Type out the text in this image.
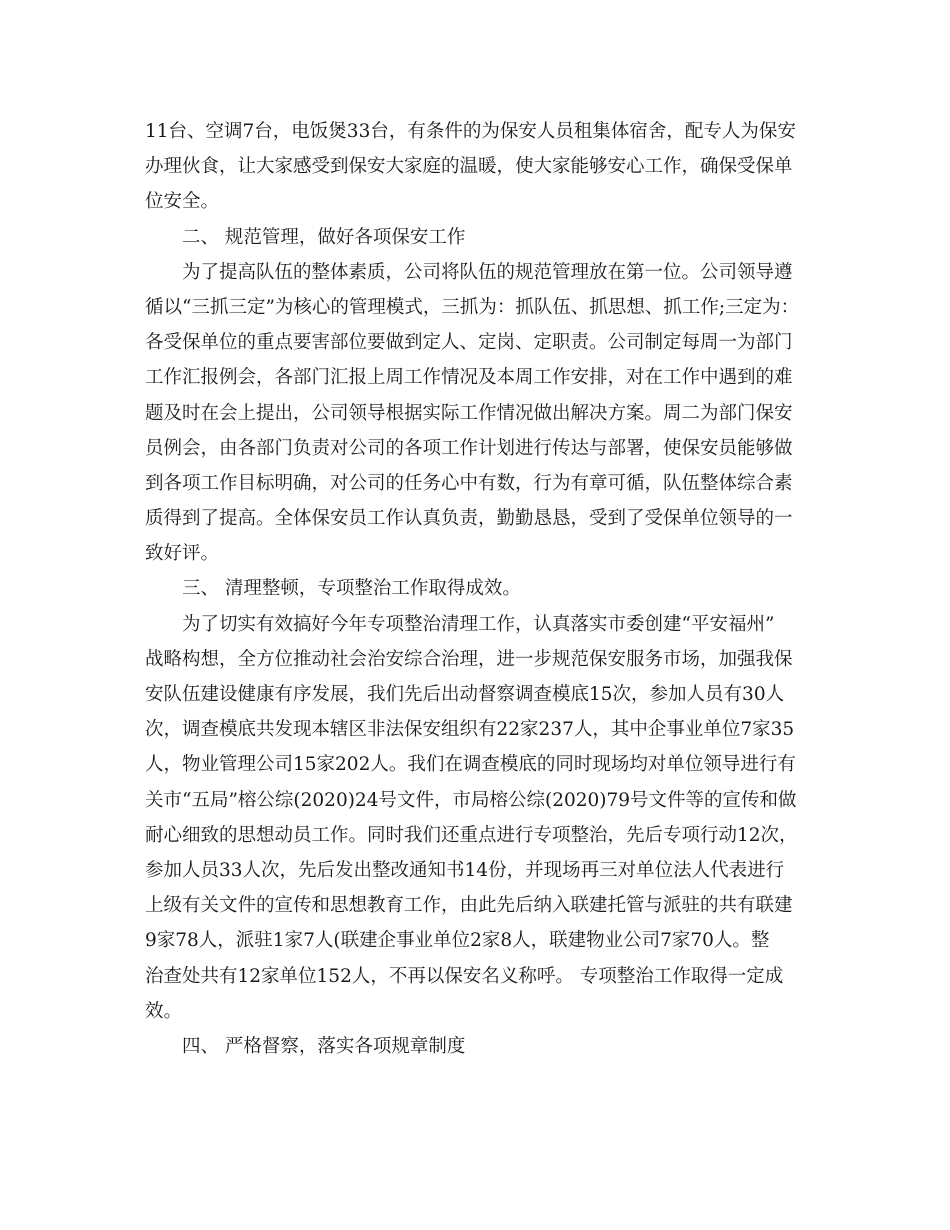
11台、空调7台，电饭煲33台，有条件的为保安人员租集体宿舍，配专人为保安
办理伙食，让大家感受到保安大家庭的温暖，使大家能够安心工作，确保受保单
位安全。
二、 规范管理，做好各项保安工作
为了提高队伍的整体素质，公司将队伍的规范管理放在第一位。公司领导遵
循以“三抓三定”为核心的管理模式，三抓为：抓队伍、抓思想、抓工作;三定为：
各受保单位的重点要害部位要做到定人、定岗、定职责。公司制定每周一为部门
工作汇报例会，各部门汇报上周工作情况及本周工作安排，对在工作中遇到的难
题及时在会上提出，公司领导根据实际工作情况做出解决方案。周二为部门保安
员例会，由各部门负责对公司的各项工作计划进行传达与部署，使保安员能够做
到各项工作目标明确，对公司的任务心中有数，行为有章可循，队伍整体综合素
质得到了提高。全体保安员工作认真负责，勤勤恳恳，受到了受保单位领导的一
致好评。
三、 清理整顿，专项整治工作取得成效。
为了切实有效搞好今年专项整治清理工作，认真落实市委创建“平安福州”
战略构想，全方位推动社会治安综合治理，进一步规范保安服务市场，加强我保
安队伍建设健康有序发展，我们先后出动督察调查模底15次，参加人员有30人
次，调查模底共发现本辖区非法保安组织有22家237人，其中企事业单位7家35
人，物业管理公司15家202人。我们在调查模底的同时现场均对单位领导进行有
关市“五局”榕公综(2020)24号文件，市局榕公综(2020)79号文件等的宣传和做
耐心细致的思想动员工作。同时我们还重点进行专项整治，先后专项行动12次，
参加人员33人次，先后发出整改通知书14份，并现场再三对单位法人代表进行
上级有关文件的宣传和思想教育工作，由此先后纳入联建托管与派驻的共有联建
9家78人，派驻1家7人(联建企事业单位2家8人，联建物业公司7家70人。整
治查处共有12家单位152人，不再以保安名义称呼。 专项整治工作取得一定成
效。
四、 严格督察，落实各项规章制度
